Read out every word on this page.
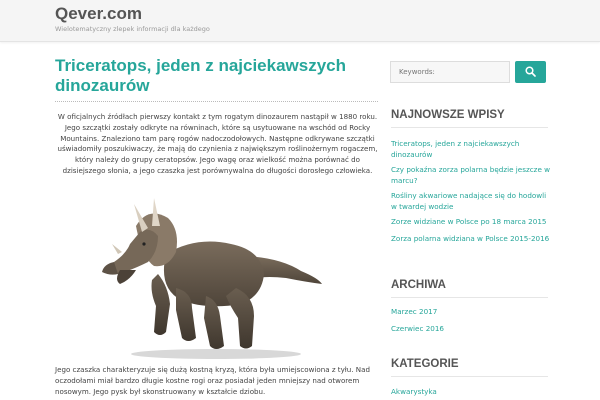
Qever.com
Wielotematyczny zlepek informacji dla każdego
Triceratops, jeden z najciekawszych dinozaurów

W oficjalnych źródłach pierwszy kontakt z tym rogatym dinozaurem nastąpił w 1880 roku. Jego szczątki zostały odkryte na równinach, które są usytuowane na wschód od Rocky Mountains. Znaleziono tam parę rogów nadoczodołowych. Następne odkrywane szczątki uświadomiły poszukiwaczy, że mają do czynienia z największym roślinożernym rogaczem, który należy do grupy ceratopsów. Jego wagę oraz wielkość można porównać do dzisiejszego słonia, a jego czaszka jest porównywalna do długości dorosłego człowieka.

Jego czaszka charakteryzuje się dużą kostną kryzą, która była umiejscowiona z tyłu. Nad oczodołami miał bardzo długie kostne rogi oraz posiadał jeden mniejszy nad otworem nosowym. Jego pysk był skonstruowany w kształcie dziobu.

Keywords:
NAJNOWSZE WPISY
Triceratops, jeden z najciekawszych dinozaurów
Czy pokaźna zorza polarna będzie jeszcze w marcu?
Rośliny akwariowe nadające się do hodowli w twardej wodzie
Zorze widziane w Polsce po 18 marca 2015
Zorza polarna widziana w Polsce 2015-2016
ARCHIWA
Marzec 2017
Czerwiec 2016
KATEGORIE
Akwarystyka
